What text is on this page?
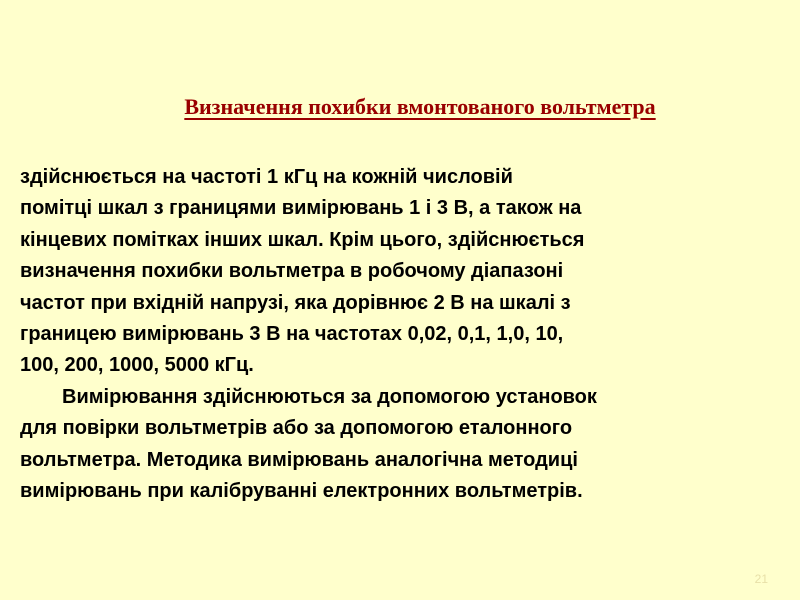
Визначення похибки вмонтованого вольтметра
здійснюється на частоті 1 кГц на кожній числовій
помітці шкал з границями вимірювань 1 і 3 В, а також на
кінцевих помітках інших шкал. Крім цього, здійснюється
визначення похибки вольтметра в робочому діапазоні
частот при вхідній напрузі, яка дорівнює 2 В на шкалі з
границею вимірювань 3 В на частотах 0,02, 0,1, 1,0, 10,
100, 200, 1000, 5000 кГц.
Вимірювання здійснюються за допомогою установок
для повірки вольтметрів або за допомогою еталонного
вольтметра. Методика вимірювань аналогічна методиці
вимірювань при калібруванні електронних вольтметрів.
21
